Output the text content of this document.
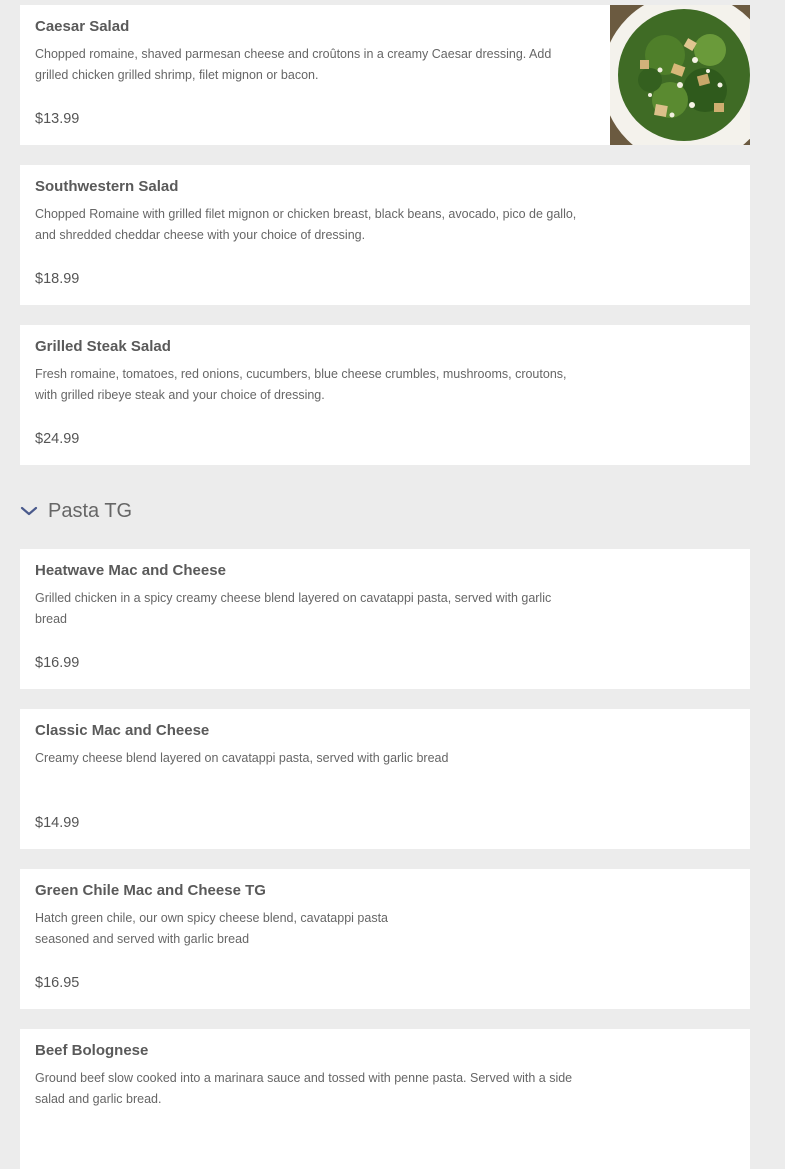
Caesar Salad
Chopped romaine, shaved parmesan cheese and croûtons in a creamy Caesar dressing. Add grilled chicken grilled shrimp, filet mignon or bacon.
$13.99
Southwestern Salad
Chopped Romaine with grilled filet mignon or chicken breast, black beans, avocado, pico de gallo, and shredded cheddar cheese with your choice of dressing.
$18.99
Grilled Steak Salad
Fresh romaine, tomatoes, red onions, cucumbers, blue cheese crumbles, mushrooms, croutons, with grilled ribeye steak and your choice of dressing.
$24.99
Pasta TG
Heatwave Mac and Cheese
Grilled chicken in a spicy creamy cheese blend layered on cavatappi pasta, served with garlic bread
$16.99
Classic Mac and Cheese
Creamy cheese blend layered on cavatappi pasta, served with garlic bread
$14.99
Green Chile Mac and Cheese TG
Hatch green chile, our own spicy cheese blend, cavatappi pasta seasoned and served with garlic bread
$16.95
Beef Bolognese
Ground beef slow cooked into a marinara sauce and tossed with penne pasta. Served with a side salad and garlic bread.
